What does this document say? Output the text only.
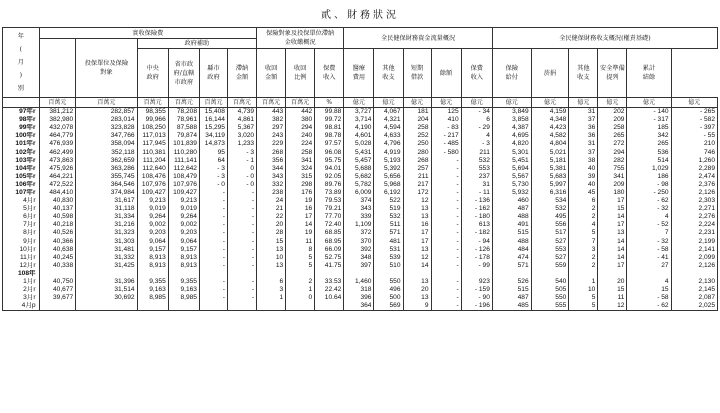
貳、財務狀況
年
(
月
)
別	實收保險費						保險對象及投保單位滯納金收繳概況			全民健保財務資金流量概況					全民健保財務收支概況(權責基礎)					
		投保單位及保險對象	政府補助																	
			中央政府	省市政府/直轄市政府	縣市政府	滯納金額	收回金額	收回比例	保費收入	醫療費用	其他收支	短期借款	餘額	保費收入	保險給付	菸捐	其他收支	安全準備提列	累計結餘	
	百萬元	百萬元	百萬元	百萬元	百萬元	百萬元	百萬元	百萬元	%	億元	億元	億元	億元	億元	億元	億元	億元	億元	億元	億元
97年r	381,212	282,857	98,355	78,208	15,408	4,739	443	442	99.88	3,727	4,067	181	125	- 34	3,849	4,159	31	202	- 140	- 265
98年r	382,980	283,014	99,966	78,961	16,144	4,861	382	380	99.72	3,714	4,321	204	410	6	3,858	4,348	37	209	- 317	- 582
99年r	432,078	323,828	108,250	87,588	15,295	5,367	297	294	98.81	4,190	4,594	258	- 83	- 29	4,387	4,423	36	258	185	- 397
100年r	464,779	347,766	117,013	79,874	34,119	3,020	243	240	98.78	4,601	4,633	252	- 217	4	4,695	4,582	36	265	342	- 55
101年r	476,939	358,094	117,945	101,839	14,873	1,233	229	224	97.57	5,028	4,796	250	- 485	- 3	4,820	4,804	31	272	265	210
102年r	462,499	352,118	110,381	110,280	95	- 3	268	258	96.08	5,431	4,919	280	- 580	211	5,301	5,021	37	294	536	746
103年r	473,863	362,659	111,204	111,141	64	- 1	356	341	95.75	5,457	5,193	268	-	532	5,451	5,181	38	282	514	1,260
104年r	475,926	363,286	112,640	112,642	- 3	0	344	324	94.01	5,688	5,392	257	-	553	5,694	5,381	40	755	1,029	2,289
105年r	464,221	355,745	108,476	108,479	- 3	- 0	343	315	92.05	5,682	5,656	211	-	237	5,567	5,683	39	341	186	2,474
106年r	472,522	364,546	107,976	107,976	- 0	- 0	332	298	89.76	5,782	5,968	217	-	31	5,730	5,997	40	209	- 98	2,376
107年r	484,410	374,984	109,427	109,427	-	-	238	176	73.89	6,009	6,192	172	-	- 11	5,932	6,316	45	180	- 250	2,126
4月r	40,830	31,617	9,213	9,213	-	-	24	19	79.53	374	522	12	-	- 136	460	534	6	17	- 62	2,303
5月r	40,137	31,118	9,019	9,019	-	-	21	16	79.21	343	519	13	-	- 162	487	532	2	15	- 32	2,271
6月r	40,598	31,334	9,264	9,264	-	-	22	17	77.70	339	532	13	-	- 180	488	495	2	14	4	2,276
7月r	40,218	31,216	9,002	9,002	-	-	20	14	72.40	1,109	511	16	-	613	491	556	4	17	- 52	2,224
8月r	40,526	31,323	9,203	9,203	-	-	28	19	68.85	372	571	17	-	- 182	515	517	5	13	7	2,231
9月r	40,366	31,303	9,064	9,064	-	-	15	11	68.95	370	481	17	-	- 94	488	527	7	14	- 32	2,199
10月r	40,638	31,481	9,157	9,157	-	-	13	8	66.09	392	531	13	-	- 126	484	553	3	14	- 58	2,141
11月r	40,245	31,332	8,913	8,913	-	-	10	5	52.75	348	539	12	-	- 178	474	527	2	14	- 41	2,099
12月r	40,338	31,425	8,913	8,913	-	-	13	5	41.75	397	510	14	-	- 99	571	559	2	17	27	2,126
108年																				
1月r	40,750	31,396	9,355	9,355	-	-	6	2	33.53	1,460	550	13	-	923	526	540	1	20	4	2,130
2月r	40,677	31,514	9,163	9,163	-	-	3	1	22.42	318	496	20	-	- 159	515	505	10	15	15	2,145
3月r	39,677	30,692	8,985	8,985	-	-	1	0	10.64	396	500	13	-	- 90	487	550	5	11	- 58	2,087
4月p										364	569	9	-	- 196	485	555	5	12	- 62	2,025
